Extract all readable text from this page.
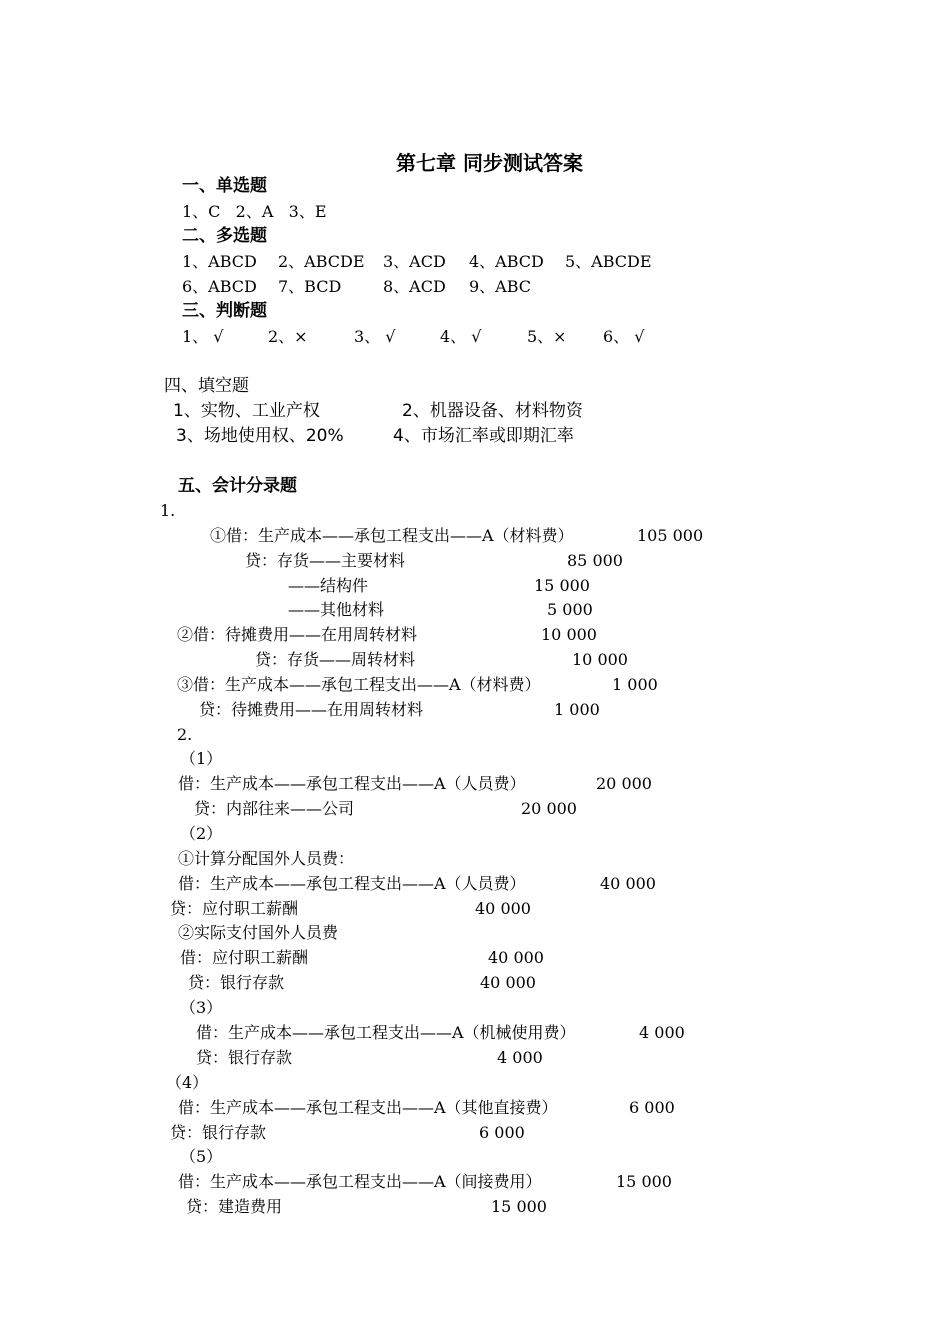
第七章 同步测试答案
一、单选题
1、C   2、A   3、E
二、多选题
1、ABCD 2、ABCDE 3、ACD 4、ABCD 5、ABCDE
6、ABCD 7、BCD	8、ACD 9、ABC
三、判断题
1、 √	2、×	3、 √	4、 √	5、× 6、 √
四、填空题
1、实物、工业产权	2、机器设备、材料物资
3、场地使用权、20%	4、市场汇率或即期汇率
五、会计分录题
1.
①借：生产成本——承包工程支出——A（材料费）	105 000
贷：存货——主要材料	85 000
——结构件	15 000
——其他材料	5 000
②借：待摊费用——在用周转材料	10 000
贷：存货——周转材料	10 000
③借：生产成本——承包工程支出——A（材料费）	1 000
贷：待摊费用——在用周转材料	1 000
2.
（1）
借：生产成本——承包工程支出——A（人员费）	20 000
贷：内部往来——公司	20 000
（2）
①计算分配国外人员费：
借：生产成本——承包工程支出——A（人员费）	40 000
贷：应付职工薪酬	40 000
②实际支付国外人员费
借：应付职工薪酬	40 000
贷：银行存款	40 000
（3）
借：生产成本——承包工程支出——A（机械使用费）	4 000
贷：银行存款	4 000
（4）
借：生产成本——承包工程支出——A（其他直接费）	6 000
贷：银行存款	6 000
（5）
借：生产成本——承包工程支出——A（间接费用）	15 000
贷：建造费用	15 000
